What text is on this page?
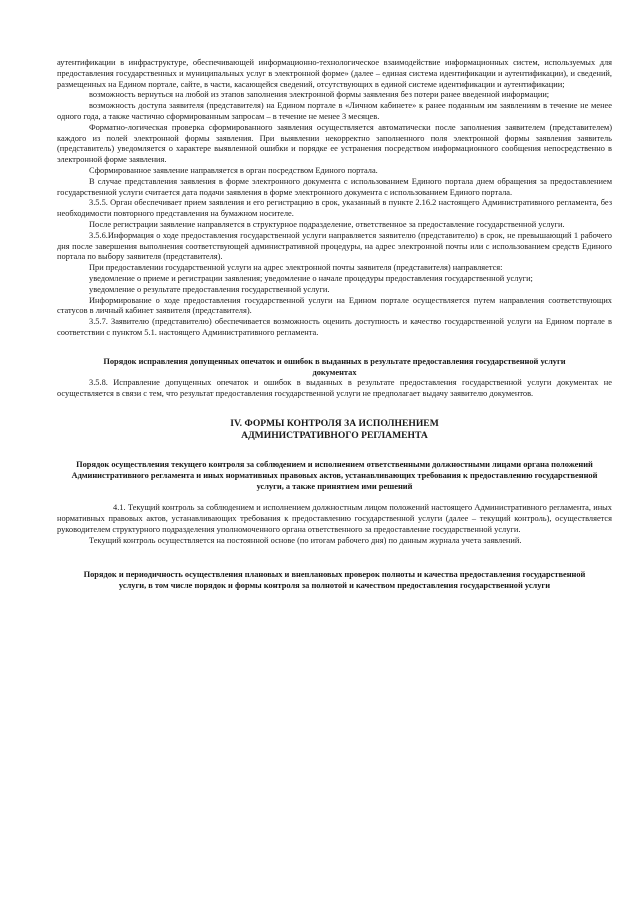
аутентификации в инфраструктуре, обеспечивающей информационно-технологическое взаимодействие информационных систем, используемых для предоставления государственных и муниципальных услуг в электронной форме» (далее – единая система идентификации и аутентификации), и сведений, размещенных на Едином портале, сайте, в части, касающейся сведений, отсутствующих в единой системе идентификации и аутентификации;

возможность вернуться на любой из этапов заполнения электронной формы заявления без потери ранее введенной информации;

возможность доступа заявителя (представителя) на Едином портале в «Личном кабинете» к ранее поданным им заявлениям в течение не менее одного года, а также частично сформированным запросам – в течение не менее 3 месяцев.

Форматно-логическая проверка сформированного заявления осуществляется автоматически после заполнения заявителем (представителем) каждого из полей электронной формы заявления. При выявлении некорректно заполненного поля электронной формы заявления заявитель (представитель) уведомляется о характере выявленной ошибки и порядке ее устранения посредством информационного сообщения непосредственно в электронной форме заявления.

Сформированное заявление направляется в орган посредством Единого портала.

В случае представления заявления в форме электронного документа с использованием Единого портала днем обращения за предоставлением государственной услуги считается дата подачи заявления в форме электронного документа с использованием Единого портала.

3.5.5. Орган обеспечивает прием заявления и его регистрацию в срок, указанный в пункте 2.16.2 настоящего Административного регламента, без необходимости повторного представления на бумажном носителе.

После регистрации заявление направляется в структурное подразделение, ответственное за предоставление государственной услуги.

3.5.6.Информация о ходе предоставления государственной услуги направляется заявителю (представителю) в срок, не превышающий 1 рабочего дня после завершения выполнения соответствующей административной процедуры, на адрес электронной почты или с использованием средств Единого портала по выбору заявителя (представителя).

При предоставлении государственной услуги на адрес электронной почты заявителя (представителя) направляется:

уведомление о приеме и регистрации заявления; уведомление о начале процедуры предоставления государственной услуги;

уведомление о результате предоставления государственной услуги.

Информирование о ходе предоставления государственной услуги на Едином портале осуществляется путем направления соответствующих статусов в личный кабинет заявителя (представителя).

3.5.7. Заявителю (представителю) обеспечивается возможность оценить доступность и качество государственной услуги на Едином портале в соответствии с пунктом 5.1. настоящего Административного регламента.

Порядок исправления допущенных опечаток и ошибок в выданных в результате предоставления государственной услуги документах

3.5.8. Исправление допущенных опечаток и ошибок в выданных в результате предоставления государственной услуги документах не осуществляется в связи с тем, что результат предоставления государственной услуги не предполагает выдачу заявителю документов.

IV. ФОРМЫ КОНТРОЛЯ ЗА ИСПОЛНЕНИЕМ

АДМИНИСТРАТИВНОГО РЕГЛАМЕНТА

Порядок осуществления текущего контроля за соблюдением и исполнением ответственными должностными лицами органа положений Административного регламента и иных нормативных правовых актов, устанавливающих требования к предоставлению государственной услуги, а также принятием ими решений

4.1. Текущий контроль за соблюдением и исполнением должностным лицом положений настоящего Административного регламента, иных нормативных правовых актов, устанавливающих требования к предоставлению государственной услуги (далее – текущий контроль), осуществляется руководителем структурного подразделения уполномоченного органа ответственного за предоставление государственной услуги.

Текущий контроль осуществляется на постоянной основе (по итогам рабочего дня) по данным журнала учета заявлений.

Порядок и периодичность осуществления плановых и внеплановых проверок полноты и качества предоставления государственной услуги, в том числе порядок и формы контроля за полнотой и качеством предоставления государственной услуги
